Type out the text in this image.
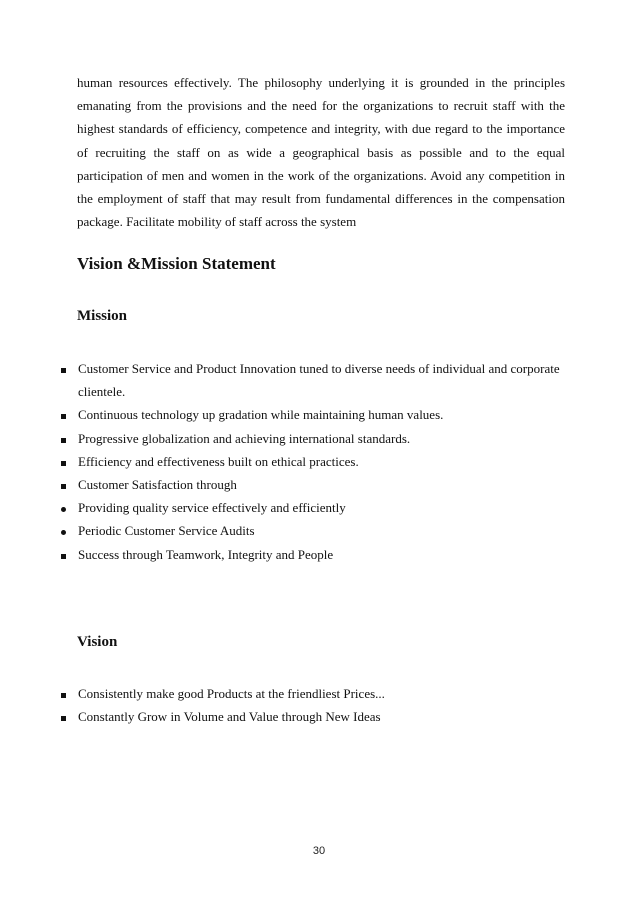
human resources effectively. The philosophy underlying it is grounded in the principles emanating from the provisions and the need for the organizations to recruit staff with the highest standards of efficiency, competence and integrity, with due regard to the importance of recruiting the staff on as wide a geographical basis as possible and to the equal participation of men and women in the work of the organizations. Avoid any competition in the employment of staff that may result from fundamental differences in the compensation package. Facilitate mobility of staff across the system

Vision &Mission Statement
Mission
Customer Service and Product Innovation tuned to diverse needs of individual and corporate clientele.
Continuous technology up gradation while maintaining human values.
Progressive globalization and achieving international standards.
Efficiency and effectiveness built on ethical practices.
Customer Satisfaction through
Providing quality service effectively and efficiently
Periodic Customer Service Audits
Success through Teamwork, Integrity and People
Vision
Consistently make good Products at the friendliest Prices...
Constantly Grow in Volume and Value through New Ideas
30
